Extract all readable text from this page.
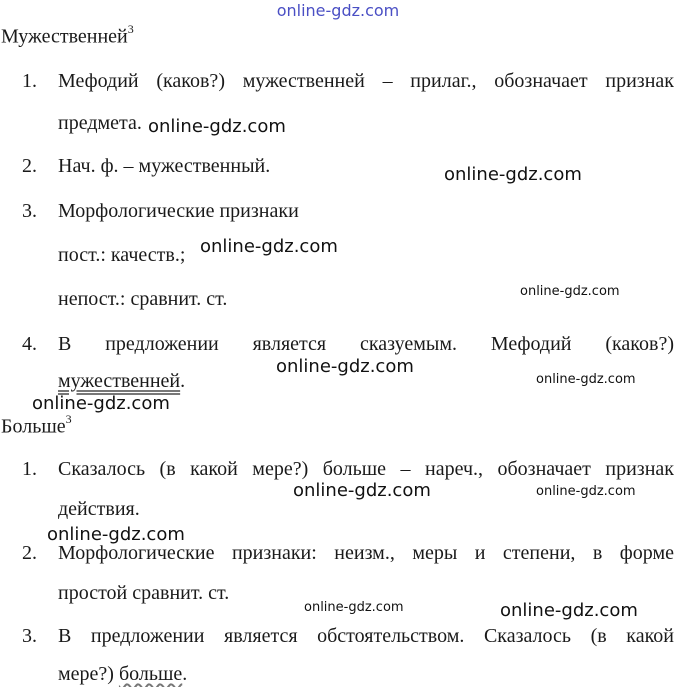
online-gdz.com
Мужественней$^3$
1. Мефодий (каков?) мужественней – прилаг., обозначает признак
предмета.
2. Нач. ф. – мужественный.
3. Морфологические признаки
пост.: качеств.;
непост.: сравнит. ст.
4. В предложении является сказуемым. Мефодий (каков?)
мужественней.
Больше$^3$
1. Сказалось (в какой мере?) больше – нареч., обозначает признак
действия.
2. Морфологические признаки: неизм., меры и степени, в форме
простой сравнит. ст.
3. В предложении является обстоятельством. Сказалось (в какой
мере?) больше.
online-gdz.com
online-gdz.com
online-gdz.com
online-gdz.com
online-gdz.com
online-gdz.com
online-gdz.com
online-gdz.com	online-gdz.com
online-gdz.com
online-gdz.com	online-gdz.com
